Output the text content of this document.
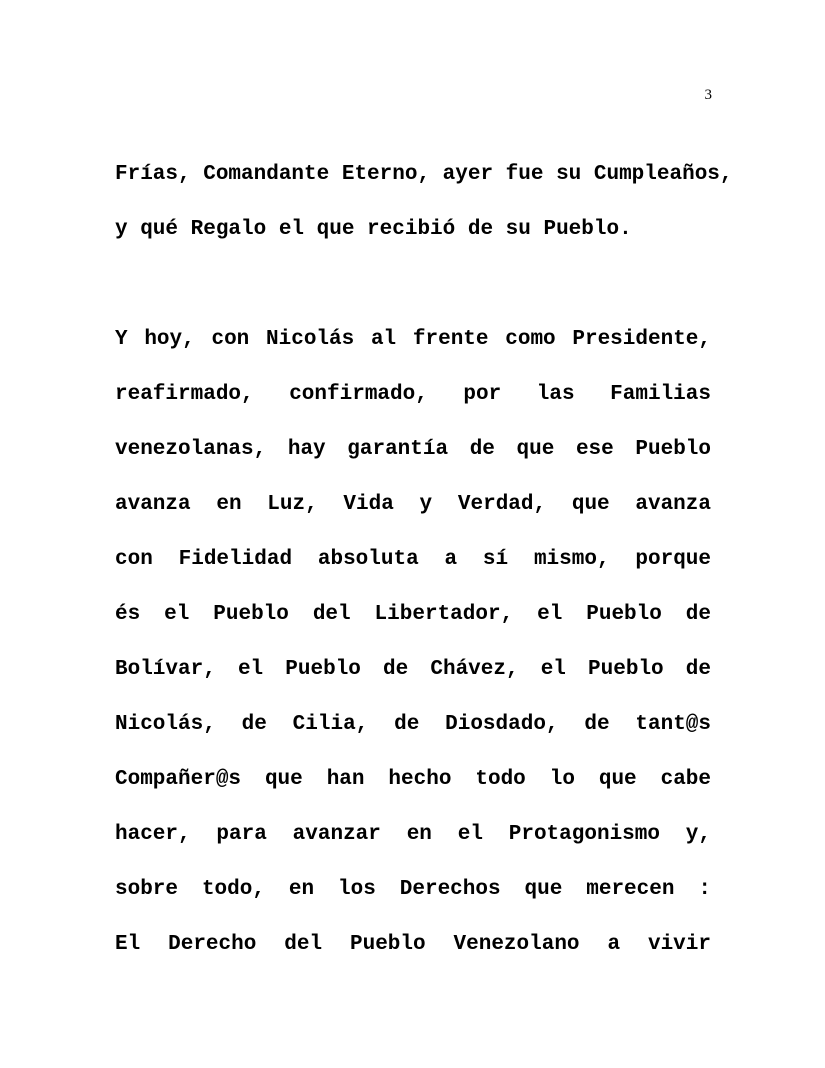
3
Frías, Comandante Eterno, ayer fue su Cumpleaños,
y qué Regalo el que recibió de su Pueblo.
Y hoy, con Nicolás al frente como Presidente,
reafirmado, confirmado, por las Familias
venezolanas, hay garantía de que ese Pueblo
avanza en Luz, Vida y Verdad, que avanza
con Fidelidad absoluta a sí mismo, porque
és el Pueblo del Libertador, el Pueblo de
Bolívar, el Pueblo de Chávez, el Pueblo de
Nicolás, de Cilia, de Diosdado, de tant@s
Compañer@s que han hecho todo lo que cabe
hacer, para avanzar en el Protagonismo y,
sobre todo, en los Derechos que merecen :
El Derecho del Pueblo Venezolano a vivir
